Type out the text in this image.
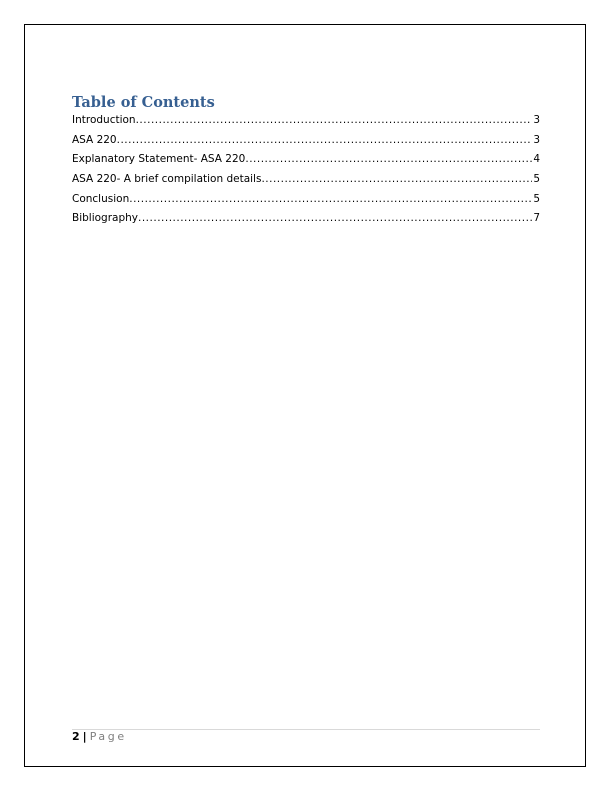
Table of Contents
Introduction .....	3
ASA 220 .....	3
Explanatory Statement- ASA 220 .....	4
ASA 220- A brief compilation details .....	5
Conclusion .....	5
Bibliography .....	7
2 | Page
